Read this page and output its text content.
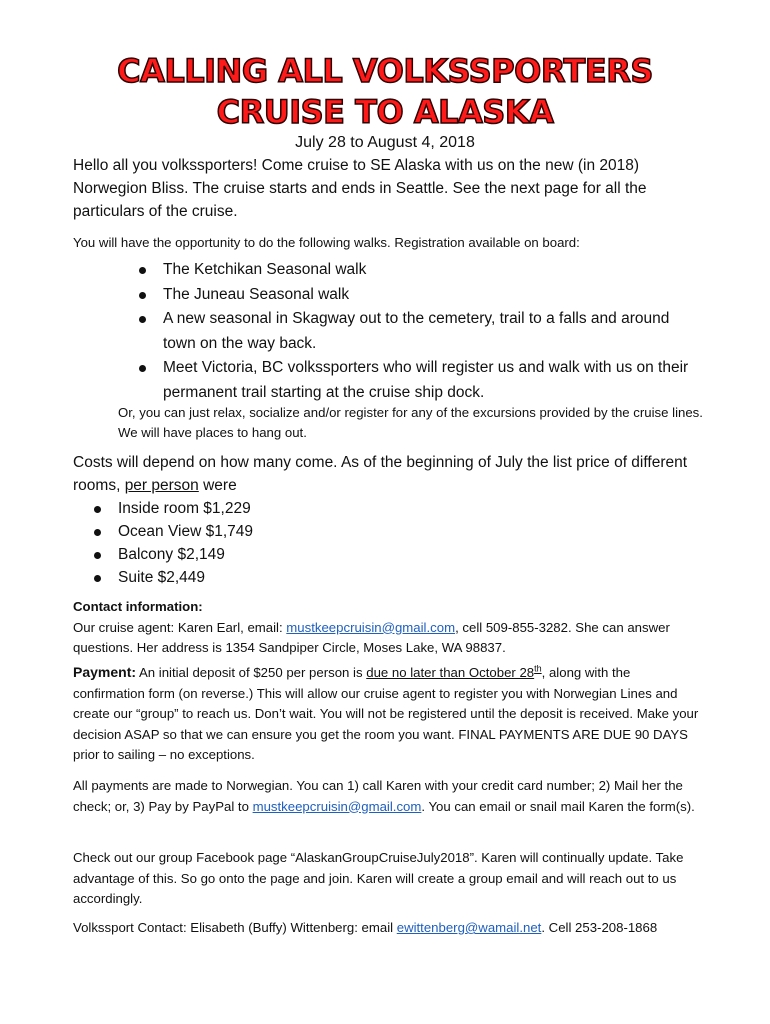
CALLING ALL VOLKSSPORTERS
CRUISE TO ALASKA
July 28 to August 4, 2018
Hello all you volkssporters! Come cruise to SE Alaska with us on the new (in 2018) Norwegion Bliss. The cruise starts and ends in Seattle. See the next page for all the particulars of the cruise.
You will have the opportunity to do the following walks. Registration available on board:
The Ketchikan Seasonal walk
The Juneau Seasonal walk
A new seasonal in Skagway out to the cemetery, trail to a falls and around town on the way back.
Meet Victoria, BC volkssporters who will register us and walk with us on their permanent trail starting at the cruise ship dock.
Or, you can just relax, socialize and/or register for any of the excursions provided by the cruise lines. We will have places to hang out.
Costs will depend on how many come. As of the beginning of July the list price of different rooms, per person were
Inside room $1,229
Ocean View $1,749
Balcony $2,149
Suite $2,449
Contact information:
Our cruise agent: Karen Earl, email: mustkeepcruisin@gmail.com, cell 509-855-3282. She can answer questions. Her address is 1354 Sandpiper Circle, Moses Lake, WA 98837.
Payment: An initial deposit of $250 per person is due no later than October 28th, along with the confirmation form (on reverse.) This will allow our cruise agent to register you with Norwegian Lines and create our “group” to reach us. Don’t wait. You will not be registered until the deposit is received. Make your decision ASAP so that we can ensure you get the room you want. FINAL PAYMENTS ARE DUE 90 DAYS prior to sailing – no exceptions.
All payments are made to Norwegian. You can 1) call Karen with your credit card number; 2) Mail her the check; or, 3) Pay by PayPal to mustkeepcruisin@gmail.com. You can email or snail mail Karen the form(s).
Check out our group Facebook page “AlaskanGroupCruiseJuly2018”. Karen will continually update. Take advantage of this. So go onto the page and join. Karen will create a group email and will reach out to us accordingly.
Volkssport Contact: Elisabeth (Buffy) Wittenberg: email ewittenberg@wamail.net. Cell 253-208-1868
